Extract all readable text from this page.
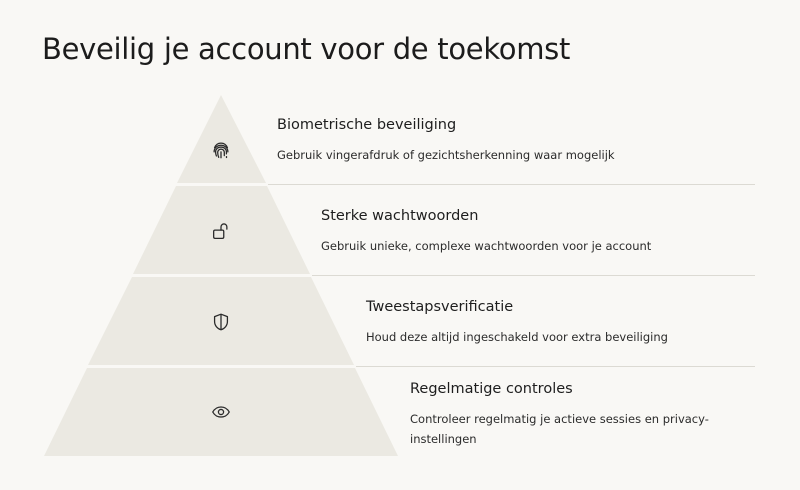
Beveilig je account voor de toekomst
Biometrische beveiliging
Gebruik vingerafdruk of gezichtsherkenning waar mogelijk
Sterke wachtwoorden
Gebruik unieke, complexe wachtwoorden voor je account
Tweestapsverificatie
Houd deze altijd ingeschakeld voor extra beveiliging
Regelmatige controles
Controleer regelmatig je actieve sessies en privacy-instellingen
